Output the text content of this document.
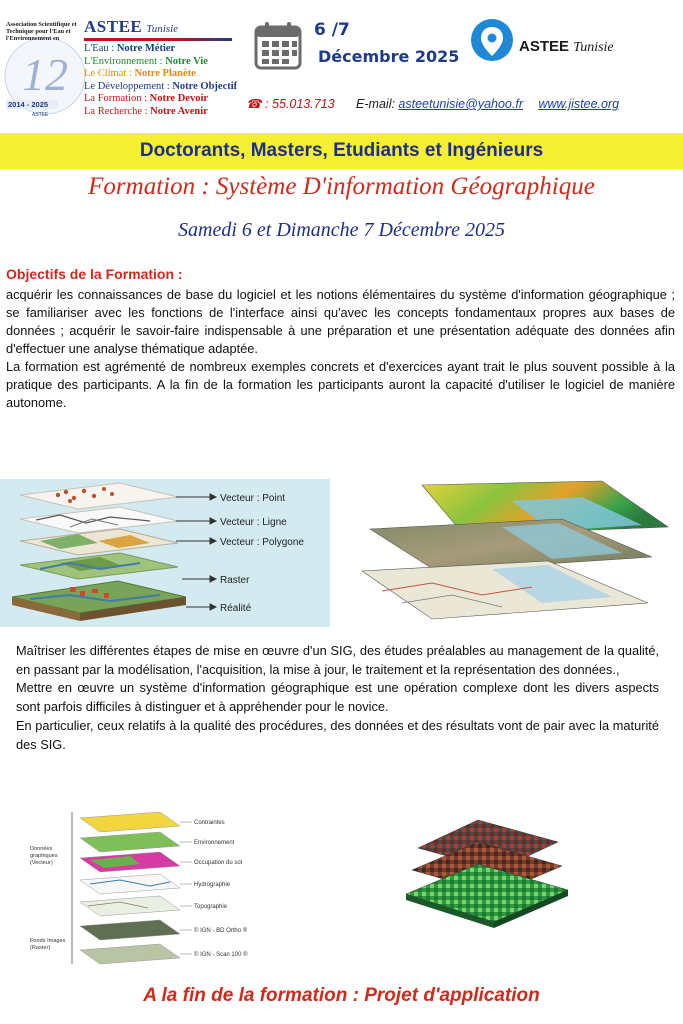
12
Association Scientifique et
Technique pour l'Eau et
l'Environnement en
2014 - 2025
ASTEE
ASTEE Tunisie
L'Eau : Notre Métier
L'Environnement : Notre Vie
Le Climat : Notre Planète
Le Développement : Notre Objectif
La Formation : Notre Devoir
La Recherche : Notre Avenir
6 /7
Décembre 2025
ASTEE Tunisie
☎ : 55.013.713 E-mail: asteetunisie@yahoo.fr www.jistee.org
Doctorants, Masters, Etudiants et Ingénieurs
Formation : Système D'information Géographique
Samedi 6 et Dimanche 7 Décembre 2025
Objectifs de la Formation :

acquérir les connaissances de base du logiciel et les notions élémentaires du système d'information géographique ; se familiariser avec les fonctions de l'interface ainsi qu'avec les concepts fondamentaux propres aux bases de données ; acquérir le savoir-faire indispensable à une préparation et une présentation adéquate des données afin d'effectuer une analyse thématique adaptée.

La formation est agrémenté de nombreux exemples concrets et d'exercices ayant trait le plus souvent possible à la pratique des participants. A la fin de la formation les participants auront la capacité d'utiliser le logiciel de manière autonome.

Vecteur : Point
Vecteur : Ligne
Vecteur : Polygone
Raster
Réalité

Maîtriser les différentes étapes de mise en œuvre d'un SIG, des études préalables au management de la qualité, en passant par la modélisation, l'acquisition, la mise à jour, le traitement et la représentation des données.,

Mettre en œuvre un système d'information géographique est une opération complexe dont les divers aspects sont parfois difficiles à distinguer et à appréhender pour le novice.

En particulier, ceux relatifs à la qualité des procédures, des données et des résultats vont de pair avec la maturité des SIG.

Données graphiques (Vecteur)
Fonds Images (Raster)
Contraintes
Environnement
Occupation du sol
Hydrographie
Topographie
© IGN - BD Ortho ®
© IGN - Scan 100 ®
A la fin de la formation : Projet d'application
